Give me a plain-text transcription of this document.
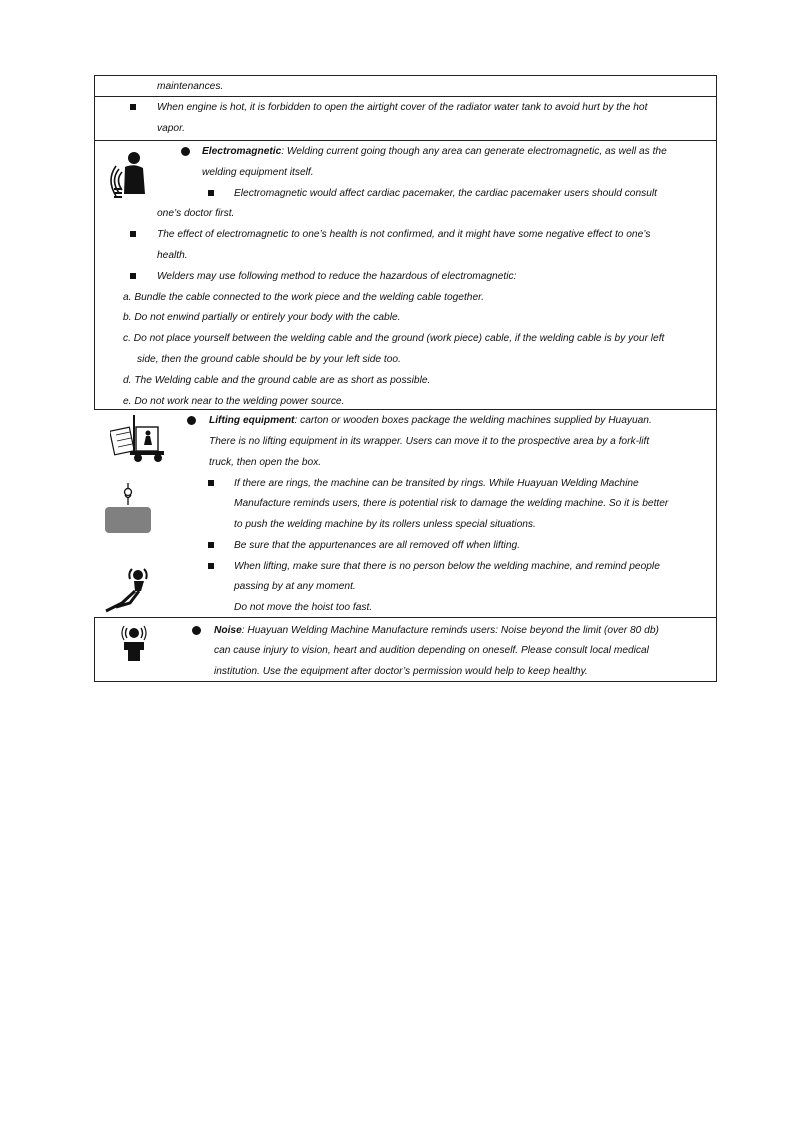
maintenances.
When engine is hot, it is forbidden to open the airtight cover of the radiator water tank to avoid hurt by the hot
vapor.
Electromagnetic: Welding current going though any area can generate electromagnetic, as well as the
welding equipment itself.
Electromagnetic would affect cardiac pacemaker, the cardiac pacemaker users should consult
one’s doctor first.
The effect of electromagnetic to one’s health is not confirmed, and it might have some negative effect to one’s
health.
Welders may use following method to reduce the hazardous of electromagnetic:
a. Bundle the cable connected to the work piece and the welding cable together.
b. Do not enwind partially or entirely your body with the cable.
c. Do not place yourself between the welding cable and the ground (work piece) cable, if the welding cable is by your left
side, then the ground cable should be by your left side too.
d. The Welding cable and the ground cable are as short as possible.
e. Do not work near to the welding power source.
Lifting equipment: carton or wooden boxes package the welding machines supplied by Huayuan.
There is no lifting equipment in its wrapper. Users can move it to the prospective area by a fork-lift
truck, then open the box.
If there are rings, the machine can be transited by rings. While Huayuan Welding Machine
Manufacture reminds users, there is potential risk to damage the welding machine. So it is better
to push the welding machine by its rollers unless special situations.
Be sure that the appurtenances are all removed off when lifting.
When lifting, make sure that there is no person below the welding machine, and remind people
passing by at any moment.
Do not move the hoist too fast.
Noise: Huayuan Welding Machine Manufacture reminds users: Noise beyond the limit (over 80 db)
can cause injury to vision, heart and audition depending on oneself. Please consult local medical
institution. Use the equipment after doctor’s permission would help to keep healthy.
